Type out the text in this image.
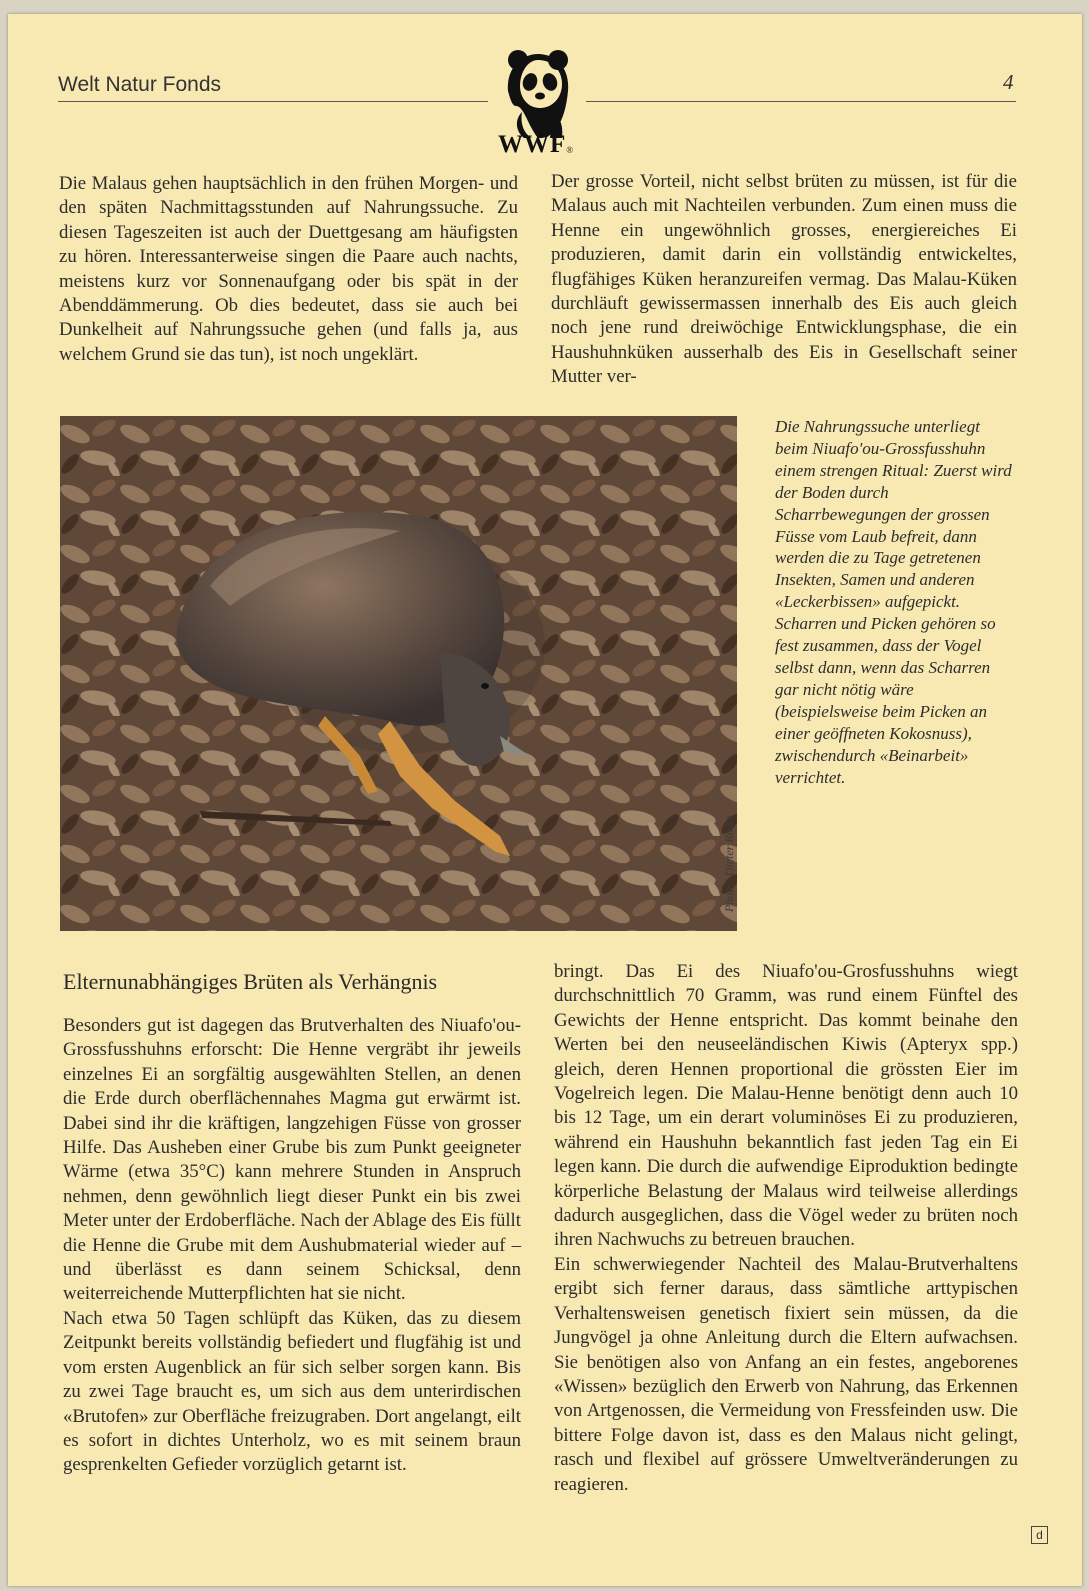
Welt Natur Fonds	4
WWF®

Die Malaus gehen hauptsächlich in den frühen Morgen- und den späten Nachmittagsstunden auf Nahrungssuche. Zu diesen Tageszeiten ist auch der Duettgesang am häufigsten zu hören. Interessanterweise singen die Paare auch nachts, meistens kurz vor Sonnenaufgang oder bis spät in der Abenddämmerung. Ob dies bedeutet, dass sie auch bei Dunkelheit auf Nahrungssuche gehen (und falls ja, aus welchem Grund sie das tun), ist noch ungeklärt.

Der grosse Vorteil, nicht selbst brüten zu müssen, ist für die Malaus auch mit Nachteilen verbunden. Zum einen muss die Henne ein ungewöhnlich grosses, energiereiches Ei produzieren, damit darin ein vollständig entwickeltes, flugfähiges Küken heranzureifen vermag. Das Malau-Küken durchläuft gewissermassen innerhalb des Eis auch gleich noch jene rund dreiwöchige Entwicklungsphase, die ein Haushuhnküken ausserhalb des Eis in Gesellschaft seiner Mutter ver-

Die Nahrungssuche unterliegt beim Niuafo'ou-Grossfusshuhn einem strengen Ritual: Zuerst wird der Boden durch Scharrbewegungen der grossen Füsse vom Laub befreit, dann werden die zu Tage getretenen Insekten, Samen und anderen «Leckerbissen» aufgepickt. Scharren und Picken gehören so fest zusammen, dass der Vogel selbst dann, wenn das Scharren gar nicht nötig wäre (beispielsweise beim Picken an einer geöffneten Kokosnuss), zwischendurch «Beinarbeit» verrichtet.
Photo: Dieter Rinke
Elternunabhängiges Brüten als Verhängnis

Besonders gut ist dagegen das Brutverhalten des Niuafo'ou-Grossfusshuhns erforscht: Die Henne vergräbt ihr jeweils einzelnes Ei an sorgfältig ausgewählten Stellen, an denen die Erde durch oberflächennahes Magma gut erwärmt ist. Dabei sind ihr die kräftigen, langzehigen Füsse von grosser Hilfe. Das Ausheben einer Grube bis zum Punkt geeigneter Wärme (etwa 35°C) kann mehrere Stunden in Anspruch nehmen, denn gewöhnlich liegt dieser Punkt ein bis zwei Meter unter der Erdoberfläche. Nach der Ablage des Eis füllt die Henne die Grube mit dem Aushubmaterial wieder auf – und überlässt es dann seinem Schicksal, denn weiterreichende Mutterpflichten hat sie nicht.

Nach etwa 50 Tagen schlüpft das Küken, das zu diesem Zeitpunkt bereits vollständig befiedert und flugfähig ist und vom ersten Augenblick an für sich selber sorgen kann. Bis zu zwei Tage braucht es, um sich aus dem unterirdischen «Brutofen» zur Oberfläche freizugraben. Dort angelangt, eilt es sofort in dichtes Unterholz, wo es mit seinem braun gesprenkelten Gefieder vorzüglich getarnt ist.

bringt. Das Ei des Niuafo'ou-Grosfusshuhns wiegt durchschnittlich 70 Gramm, was rund einem Fünftel des Gewichts der Henne entspricht. Das kommt beinahe den Werten bei den neuseeländischen Kiwis (Apteryx spp.) gleich, deren Hennen proportional die grössten Eier im Vogelreich legen. Die Malau-Henne benötigt denn auch 10 bis 12 Tage, um ein derart voluminöses Ei zu produzieren, während ein Haushuhn bekanntlich fast jeden Tag ein Ei legen kann. Die durch die aufwendige Eiproduktion bedingte körperliche Belastung der Malaus wird teilweise allerdings dadurch ausgeglichen, dass die Vögel weder zu brüten noch ihren Nachwuchs zu betreuen brauchen.

Ein schwerwiegender Nachteil des Malau-Brutverhaltens ergibt sich ferner daraus, dass sämtliche arttypischen Verhaltensweisen genetisch fixiert sein müssen, da die Jungvögel ja ohne Anleitung durch die Eltern aufwachsen. Sie benötigen also von Anfang an ein festes, angeborenes «Wissen» bezüglich den Erwerb von Nahrung, das Erkennen von Artgenossen, die Vermeidung von Fressfeinden usw. Die bittere Folge davon ist, dass es den Malaus nicht gelingt, rasch und flexibel auf grössere Umweltveränderungen zu reagieren.

d
